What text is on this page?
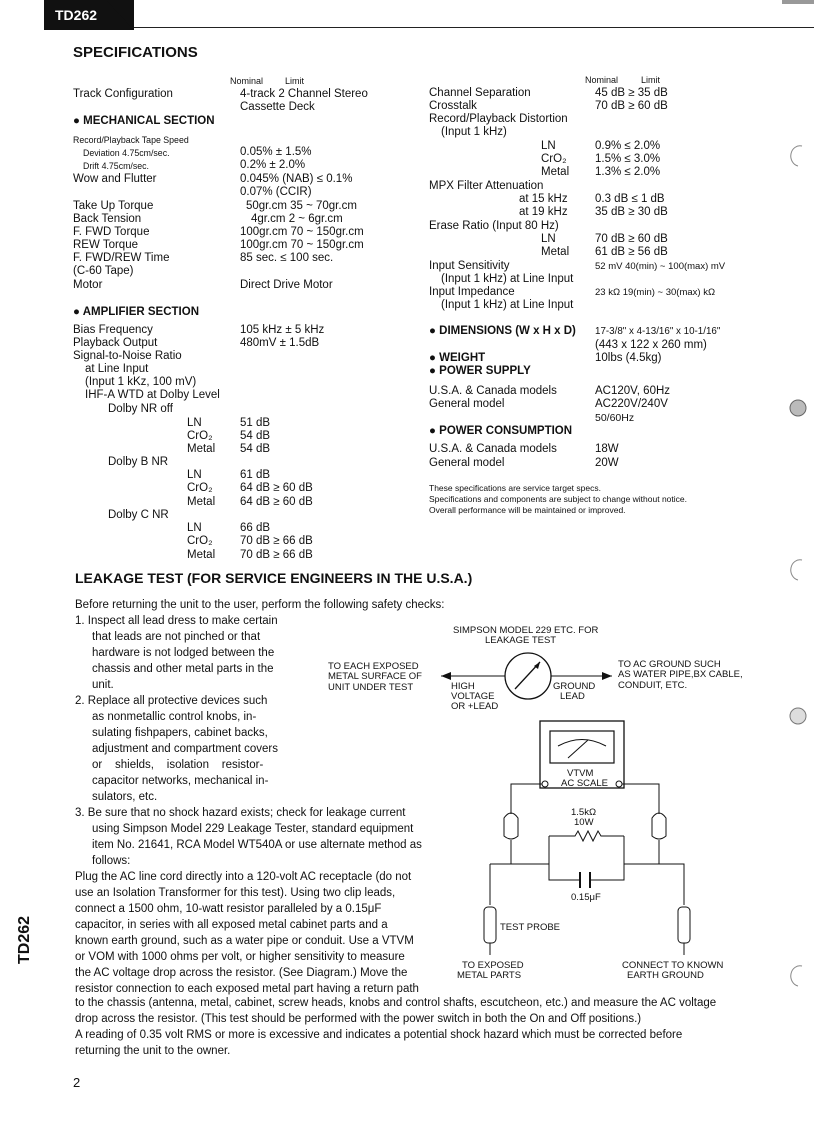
TD262
SPECIFICATIONS
Nominal Limit
Track Configuration	4-track 2 Channel Stereo
Cassette Deck
● MECHANICAL SECTION
Record/Playback Tape Speed
Deviation 4.75cm/sec.	0.05% ± 1.5%
Drift 4.75cm/sec.	0.2% ± 2.0%
Wow and Flutter	0.045% (NAB) ≤ 0.1%
0.07% (CCIR)
Take Up Torque	50gr.cm 35 ~ 70gr.cm
Back Tension	4gr.cm 2 ~ 6gr.cm
F. FWD Torque	100gr.cm 70 ~ 150gr.cm
REW Torque	100gr.cm 70 ~ 150gr.cm
F. FWD/REW Time	85 sec. ≤ 100 sec.
(C-60 Tape)
Motor	Direct Drive Motor
● AMPLIFIER SECTION
Bias Frequency	105 kHz ± 5 kHz
Playback Output	480mV ± 1.5dB
Signal-to-Noise Ratio
at Line Input
(Input 1 kKz, 100 mV)
IHF-A WTD at Dolby Level
Dolby NR off
LN	51 dB
CrO₂ 54 dB
Metal 54 dB
Dolby B NR
LN	61 dB
CrO₂ 64 dB ≥ 60 dB
Metal 64 dB ≥ 60 dB
Dolby C NR
LN	66 dB
CrO₂ 70 dB ≥ 66 dB
Metal 70 dB ≥ 66 dB
Nominal	Limit
Channel Separation	45 dB ≥ 35 dB
Crosstalk	70 dB ≥ 60 dB
Record/Playback Distortion
(Input 1 kHz)
LN	0.9% ≤ 2.0%
CrO₂ 1.5% ≤ 3.0%
Metal 1.3% ≤ 2.0%
MPX Filter Attenuation
at 15 kHz 0.3 dB ≤ 1 dB
at 19 kHz 35 dB ≥ 30 dB
Erase Ratio (Input 80 Hz)
LN	70 dB ≥ 60 dB
Metal 61 dB ≥ 56 dB
Input Sensitivity	52 mV 40(min) ~ 100(max) mV
(Input 1 kHz) at Line Input
Input Impedance	23 kΩ 19(min) ~ 30(max) kΩ
(Input 1 kHz) at Line Input
● DIMENSIONS (W x H x D) 17-3/8" x 4-13/16" x 10-1/16"
(443 x 122 x 260 mm)
● WEIGHT	10lbs (4.5kg)
● POWER SUPPLY
U.S.A. & Canada models	AC120V, 60Hz
General model	AC220V/240V
50/60Hz
● POWER CONSUMPTION
U.S.A. & Canada models	18W
General model	20W
These specifications are service target specs.
Specifications and components are subject to change without notice.
Overall performance will be maintained or improved.
LEAKAGE TEST (FOR SERVICE ENGINEERS IN THE U.S.A.)
Before returning the unit to the user, perform the following safety checks:
1. Inspect all lead dress to make certain
that leads are not pinched or that
hardware is not lodged between the
chassis and other metal parts in the
unit.
2. Replace all protective devices such
as nonmetallic control knobs, in-
sulating fishpapers, cabinet backs,
adjustment and compartment covers
or    shields,    isolation    resistor-
capacitor networks, mechanical in-
sulators, etc.
3. Be sure that no shock hazard exists; check for leakage current
using Simpson Model 229 Leakage Tester, standard equipment
item No. 21641, RCA Model WT540A or use alternate method as
follows:
Plug the AC line cord directly into a 120-volt AC receptacle (do not
use an Isolation Transformer for this test). Using two clip leads,
connect a 1500 ohm, 10-watt resistor paralleled by a 0.15μF
capacitor, in series with all exposed metal cabinet parts and a
known earth ground, such as a water pipe or conduit. Use a VTVM
or VOM with 1000 ohms per volt, or higher sensitivity to measure
the AC voltage drop across the resistor. (See Diagram.) Move the
resistor connection to each exposed metal part having a return path
to the chassis (antenna, metal, cabinet, screw heads, knobs and control shafts, escutcheon, etc.) and measure the AC voltage
drop across the resistor. (This test should be performed with the power switch in both the On and Off positions.)
A reading of 0.35 volt RMS or more is excessive and indicates a potential shock hazard which must be corrected before
returning the unit to the owner.
SIMPSON MODEL 229 ETC. FOR
LEAKAGE TEST
TO EACH EXPOSED
METAL SURFACE OF
UNIT UNDER TEST
TO AC GROUND SUCH
AS WATER PIPE,BX CABLE,
CONDUIT, ETC.
HIGH
VOLTAGE
OR +LEAD
GROUND
LEAD
VTVM
AC SCALE
1.5kΩ
10W
0.15μF
TEST PROBE
TO EXPOSED
METAL PARTS
CONNECT TO KNOWN
EARTH GROUND
2
TD262
